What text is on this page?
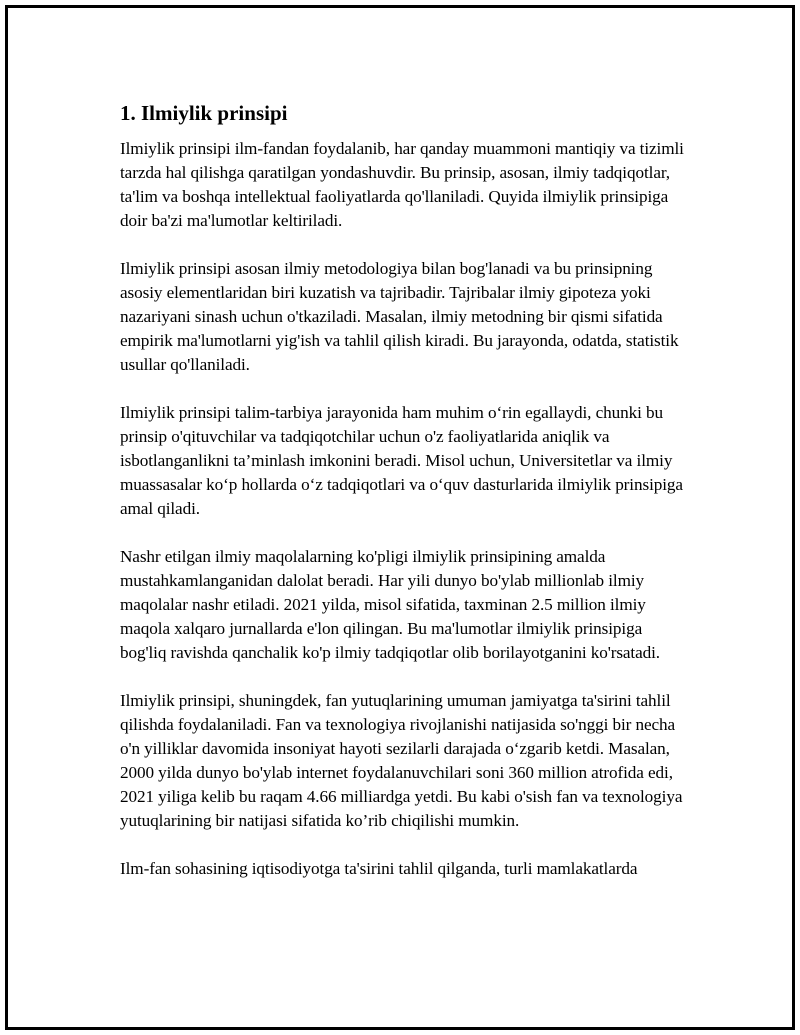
1. Ilmiylik prinsipi

Ilmiylik prinsipi ilm-fandan foydalanib, har qanday muammoni mantiqiy va tizimli tarzda hal qilishga qaratilgan yondashuvdir. Bu prinsip, asosan, ilmiy tadqiqotlar, ta'lim va boshqa intellektual faoliyatlarda qo'llaniladi. Quyida ilmiylik prinsipiga doir ba'zi ma'lumotlar keltiriladi.

Ilmiylik prinsipi asosan ilmiy metodologiya bilan bog'lanadi va bu prinsipning asosiy elementlaridan biri kuzatish va tajribadir. Tajribalar ilmiy gipoteza yoki nazariyani sinash uchun o'tkaziladi. Masalan, ilmiy metodning bir qismi sifatida empirik ma'lumotlarni yig'ish va tahlil qilish kiradi. Bu jarayonda, odatda, statistik usullar qo'llaniladi.

Ilmiylik prinsipi talim-tarbiya jarayonida ham muhim o‘rin egallaydi, chunki bu prinsip o'qituvchilar va tadqiqotchilar uchun o'z faoliyatlarida aniqlik va isbotlanganlikni ta’minlash imkonini beradi. Misol uchun, Universitetlar va ilmiy muassasalar ko‘p hollarda o‘z tadqiqotlari va o‘quv dasturlarida ilmiylik prinsipiga amal qiladi.

Nashr etilgan ilmiy maqolalarning ko'pligi ilmiylik prinsipining amalda mustahkamlanganidan dalolat beradi. Har yili dunyo bo'ylab millionlab ilmiy maqolalar nashr etiladi. 2021 yilda, misol sifatida, taxminan 2.5 million ilmiy maqola xalqaro jurnallarda e'lon qilingan. Bu ma'lumotlar ilmiylik prinsipiga bog'liq ravishda qanchalik ko'p ilmiy tadqiqotlar olib borilayotganini ko'rsatadi.

Ilmiylik prinsipi, shuningdek, fan yutuqlarining umuman jamiyatga ta'sirini tahlil qilishda foydalaniladi. Fan va texnologiya rivojlanishi natijasida so'nggi bir necha o'n yilliklar davomida insoniyat hayoti sezilarli darajada o‘zgarib ketdi. Masalan, 2000 yilda dunyo bo'ylab internet foydalanuvchilari soni 360 million atrofida edi, 2021 yiliga kelib bu raqam 4.66 milliardga yetdi. Bu kabi o'sish fan va texnologiya yutuqlarining bir natijasi sifatida ko’rib chiqilishi mumkin.

Ilm-fan sohasining iqtisodiyotga ta'sirini tahlil qilganda, turli mamlakatlarda
